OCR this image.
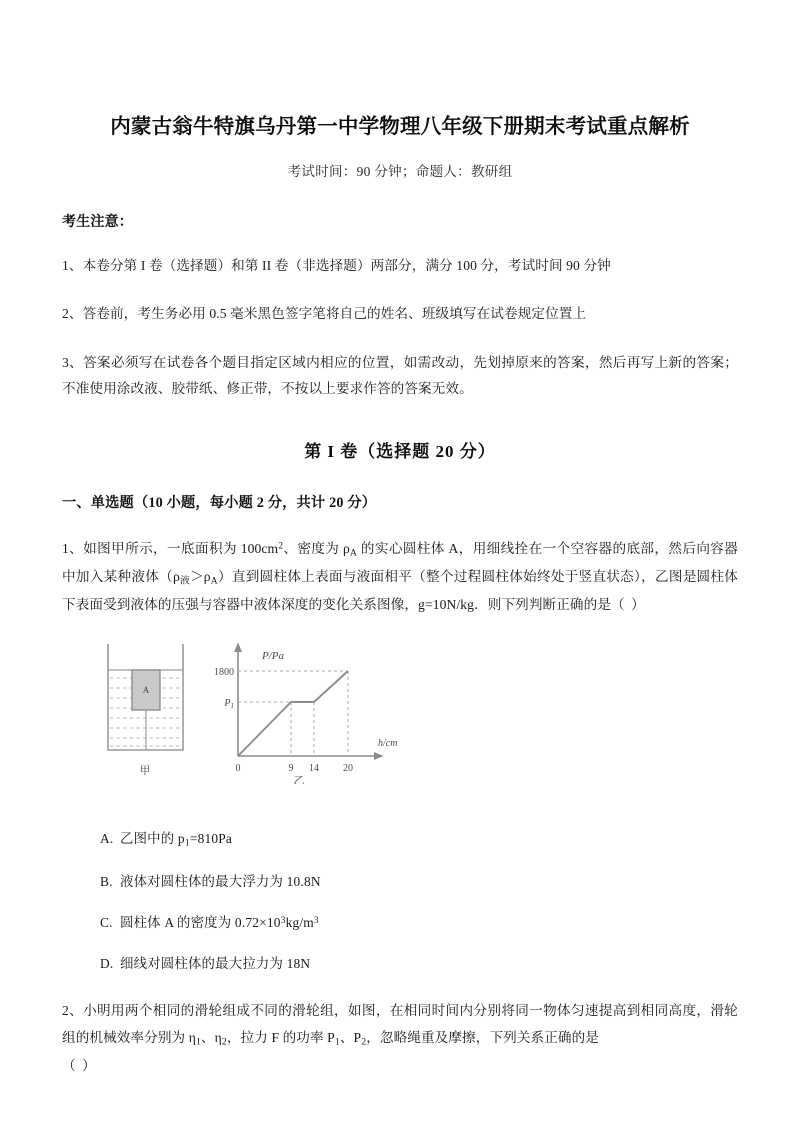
内蒙古翁牛特旗乌丹第一中学物理八年级下册期末考试重点解析
考试时间：90 分钟；命题人：教研组
考生注意：

1、本卷分第 I 卷（选择题）和第 II 卷（非选择题）两部分，满分 100 分，考试时间 90 分钟

2、答卷前，考生务必用 0.5 毫米黑色签字笔将自己的姓名、班级填写在试卷规定位置上

3、答案必须写在试卷各个题目指定区域内相应的位置，如需改动，先划掉原来的答案，然后再写上新的答案；不准使用涂改液、胶带纸、修正带，不按以上要求作答的答案无效。

第 I 卷（选择题 20 分）
一、单选题（10 小题，每小题 2 分，共计 20 分）

1、如图甲所示，一底面积为 $100cm^2$、密度为 $\rho_A$ 的实心圆柱体 A，用细线拴在一个空容器的底部，然后向容器中加入某种液体$(\rho_液>\rho_A)$直到圆柱体上表面与液面相平（整个过程圆柱体始终处于竖直状态），乙图是圆柱体下表面受到液体的压强与容器中液体深度的变化关系图像，g=10N/kg．则下列判断正确的是（ ）

A
甲
P/Pa
h/cm
1800
$P_1$
0	9 14 20
乙

A. 乙图中的 $p_1=810Pa$

B. 液体对圆柱体的最大浮力为 10.8N

C. 圆柱体 A 的密度为 $0.72\times 10^3kg/m^3$

D. 细线对圆柱体的最大拉力为 18N

2、小明用两个相同的滑轮组成不同的滑轮组，如图，在相同时间内分别将同一物体匀速提高到相同高度，滑轮组的机械效率分别为 $\eta_1$、$\eta_2$，拉力 F 的功率 $P_1$、$P_2$，忽略绳重及摩擦，下列关系正确的是
（ ）
